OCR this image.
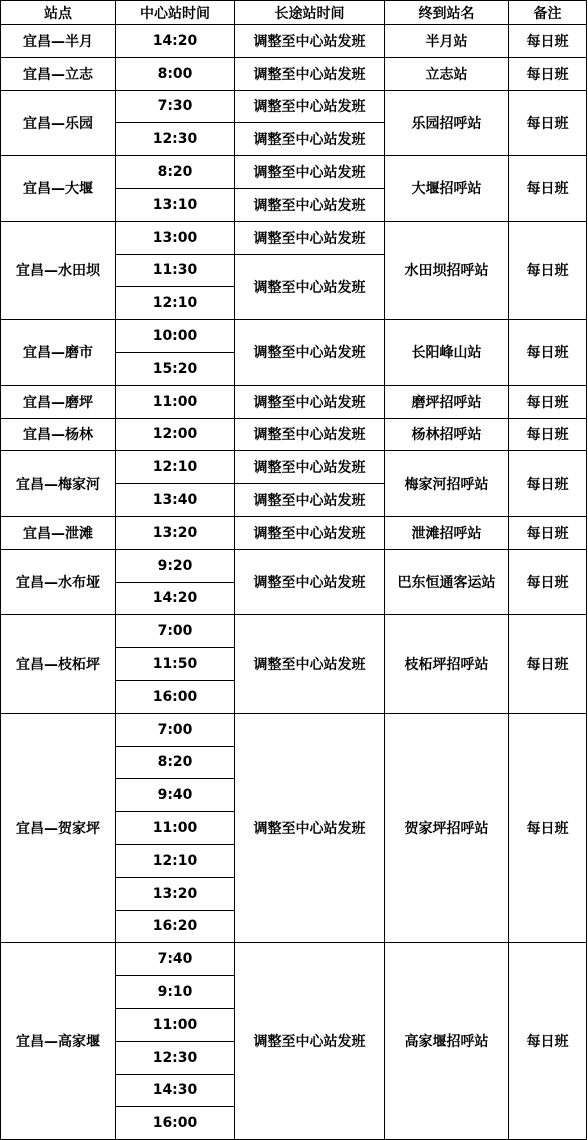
站点	中心站时间	长途站时间	终到站名	备注
宜昌—半月	14:20	调整至中心站发班	半月站	每日班
宜昌—立志	8:00	调整至中心站发班	立志站	每日班
宜昌—乐园	7:30	调整至中心站发班	乐园招呼站	每日班
	12:30	调整至中心站发班		
宜昌—大堰	8:20	调整至中心站发班	大堰招呼站	每日班
	13:10	调整至中心站发班		
宜昌—水田坝	13:00	调整至中心站发班	水田坝招呼站	每日班
	11:30	调整至中心站发班		
	12:10			
宜昌—磨市	10:00	调整至中心站发班	长阳峰山站	每日班
	15:20			
宜昌—磨坪	11:00	调整至中心站发班	磨坪招呼站	每日班
宜昌—杨林	12:00	调整至中心站发班	杨林招呼站	每日班
宜昌—梅家河	12:10	调整至中心站发班	梅家河招呼站	每日班
	13:40	调整至中心站发班		
宜昌—泄滩	13:20	调整至中心站发班	泄滩招呼站	每日班
宜昌—水布垭	9:20	调整至中心站发班	巴东恒通客运站	每日班
	14:20			
宜昌—枝柘坪	7:00	调整至中心站发班	枝柘坪招呼站	每日班
	11:50			
	16:00			
宜昌—贺家坪	7:00	调整至中心站发班	贺家坪招呼站	每日班
	8:20			
	9:40			
	11:00			
	12:10			
	13:20			
	16:20			
宜昌—高家堰	7:40	调整至中心站发班	高家堰招呼站	每日班
	9:10			
	11:00			
	12:30			
	14:30			
	16:00			
